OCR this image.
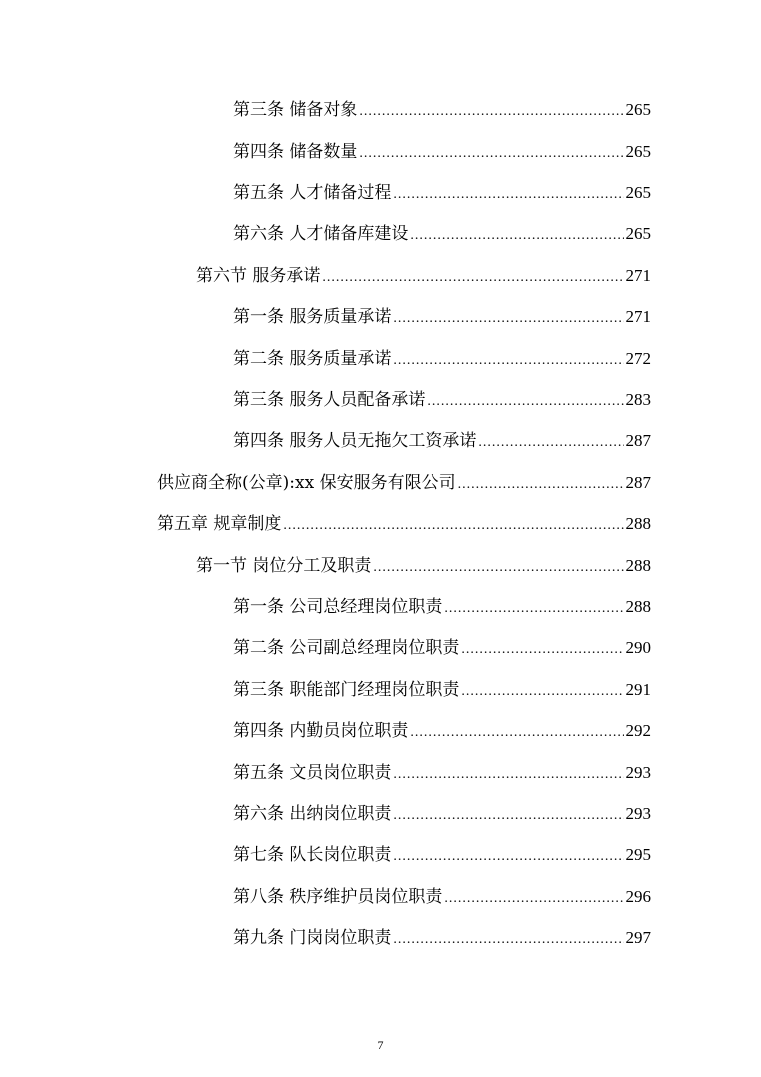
第三条 储备对象 .....	265
第四条 储备数量 .....	265
第五条 人才储备过程 .....	265
第六条 人才储备库建设 .....	265
第六节 服务承诺 .....	271
第一条 服务质量承诺 .....	271
第二条 服务质量承诺 .....	272
第三条 服务人员配备承诺 .....	283
第四条 服务人员无拖欠工资承诺 .....	287
供应商全称(公章):xx 保安服务有限公司 .....	287
第五章 规章制度 .....	288
第一节 岗位分工及职责 .....	288
第一条 公司总经理岗位职责 .....	288
第二条 公司副总经理岗位职责 .....	290
第三条 职能部门经理岗位职责 .....	291
第四条 内勤员岗位职责 .....	292
第五条 文员岗位职责 .....	293
第六条 出纳岗位职责 .....	293
第七条 队长岗位职责 .....	295
第八条 秩序维护员岗位职责 .....	296
第九条 门岗岗位职责 .....	297
7
